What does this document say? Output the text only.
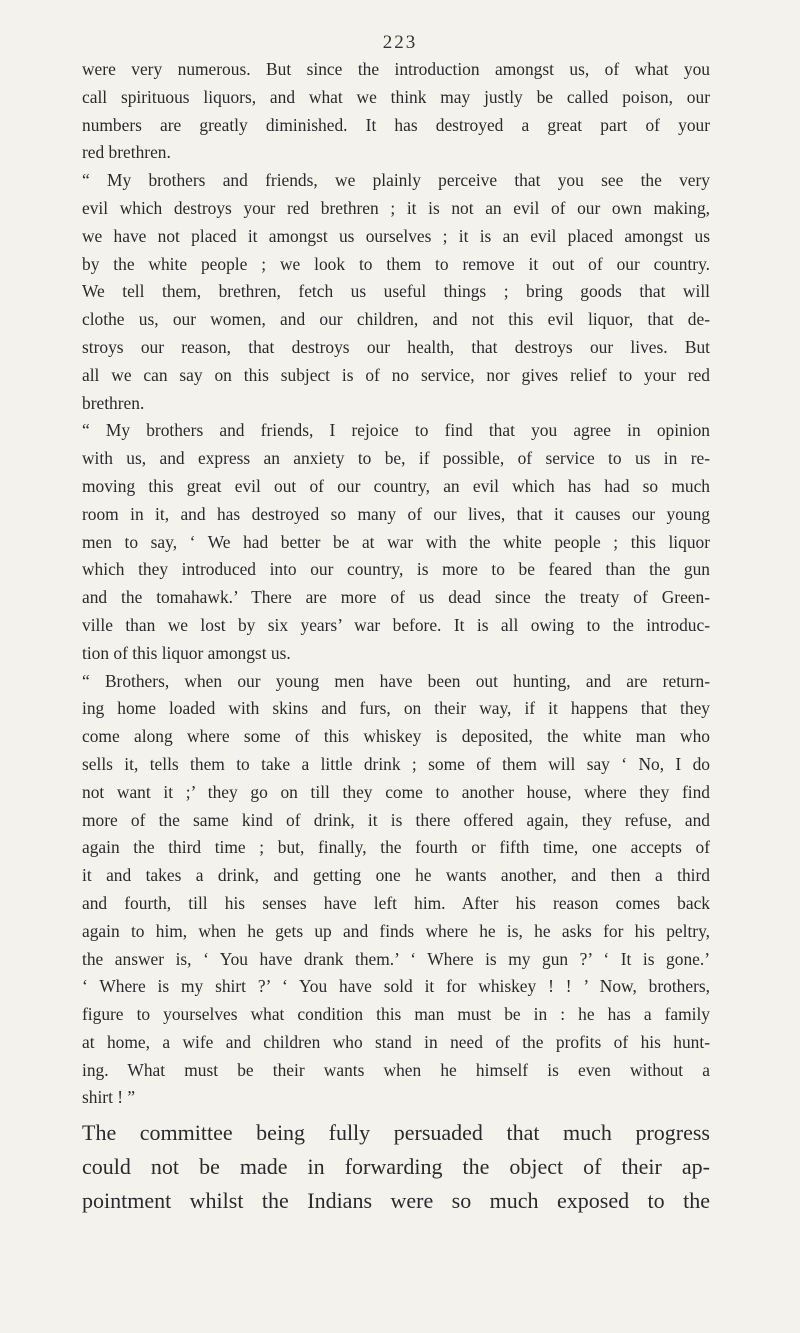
223
were very numerous. But since the introduction amongst us, of what you
call spirituous liquors, and what we think may justly be called poison, our
numbers are greatly diminished. It has destroyed a great part of your
red brethren.
“ My brothers and friends, we plainly perceive that you see the very
evil which destroys your red brethren ; it is not an evil of our own making,
we have not placed it amongst us ourselves ; it is an evil placed amongst us
by the white people ; we look to them to remove it out of our country.
We tell them, brethren, fetch us useful things ; bring goods that will
clothe us, our women, and our children, and not this evil liquor, that de-
stroys our reason, that destroys our health, that destroys our lives. But
all we can say on this subject is of no service, nor gives relief to your red
brethren.
“ My brothers and friends, I rejoice to find that you agree in opinion
with us, and express an anxiety to be, if possible, of service to us in re-
moving this great evil out of our country, an evil which has had so much
room in it, and has destroyed so many of our lives, that it causes our young
men to say, ‘ We had better be at war with the white people ; this liquor
which they introduced into our country, is more to be feared than the gun
and the tomahawk.’ There are more of us dead since the treaty of Green-
ville than we lost by six years’ war before. It is all owing to the introduc-
tion of this liquor amongst us.
“ Brothers, when our young men have been out hunting, and are return-
ing home loaded with skins and furs, on their way, if it happens that they
come along where some of this whiskey is deposited, the white man who
sells it, tells them to take a little drink ; some of them will say ‘ No, I do
not want it ;’ they go on till they come to another house, where they find
more of the same kind of drink, it is there offered again, they refuse, and
again the third time ; but, finally, the fourth or fifth time, one accepts of
it and takes a drink, and getting one he wants another, and then a third
and fourth, till his senses have left him. After his reason comes back
again to him, when he gets up and finds where he is, he asks for his peltry,
the answer is, ‘ You have drank them.’ ‘ Where is my gun ?’ ‘ It is gone.’
‘ Where is my shirt ?’ ‘ You have sold it for whiskey ! ! ’ Now, brothers,
figure to yourselves what condition this man must be in : he has a family
at home, a wife and children who stand in need of the profits of his hunt-
ing. What must be their wants when he himself is even without a
shirt ! ”
The committee being fully persuaded that much progress
could not be made in forwarding the object of their ap-
pointment whilst the Indians were so much exposed to the
